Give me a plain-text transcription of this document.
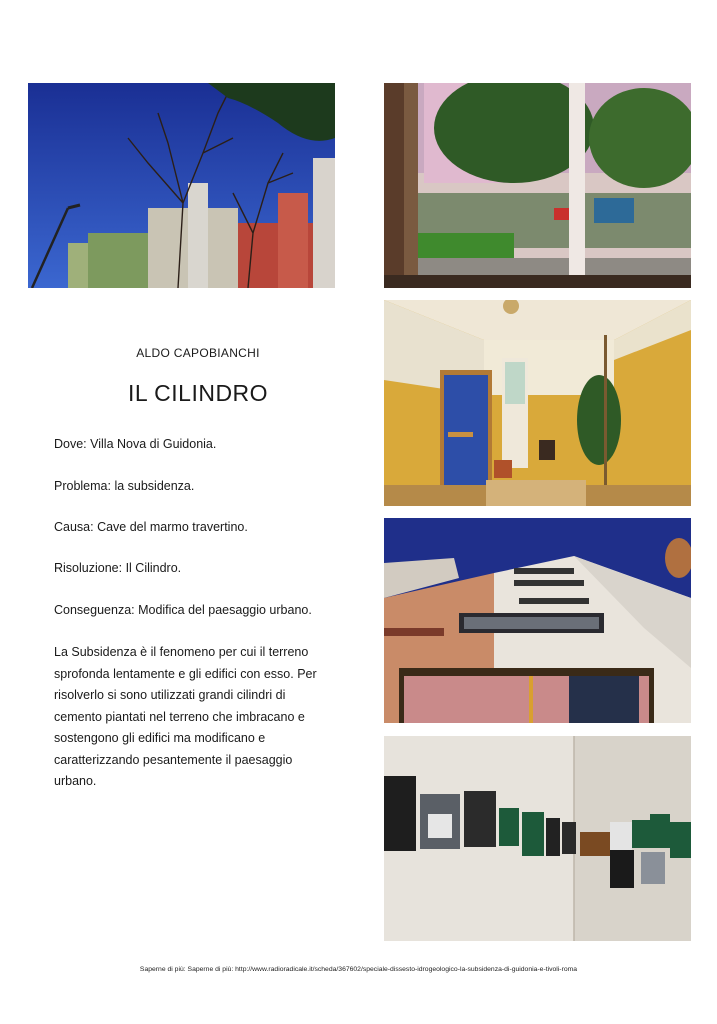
ALDO CAPOBIANCHI
IL CILINDRO
Dove: Villa Nova di Guidonia.
Problema: la subsidenza.
Causa: Cave del marmo travertino.
Risoluzione: Il Cilindro.
Conseguenza: Modifica del paesaggio urbano.

La Subsidenza è il fenomeno per cui il terreno sprofonda lentamente e gli edifici con esso. Per risolverlo si sono utilizzati grandi cilindri di cemento piantati nel terreno che imbracano e sostengono gli edifici ma modificano e caratterizzando pesantemente il paesaggio urbano.

Saperne di più: Saperne di più: http://www.radioradicale.it/scheda/367602/speciale-dissesto-idrogeologico-la-subsidenza-di-guidonia-e-tivoli-roma
